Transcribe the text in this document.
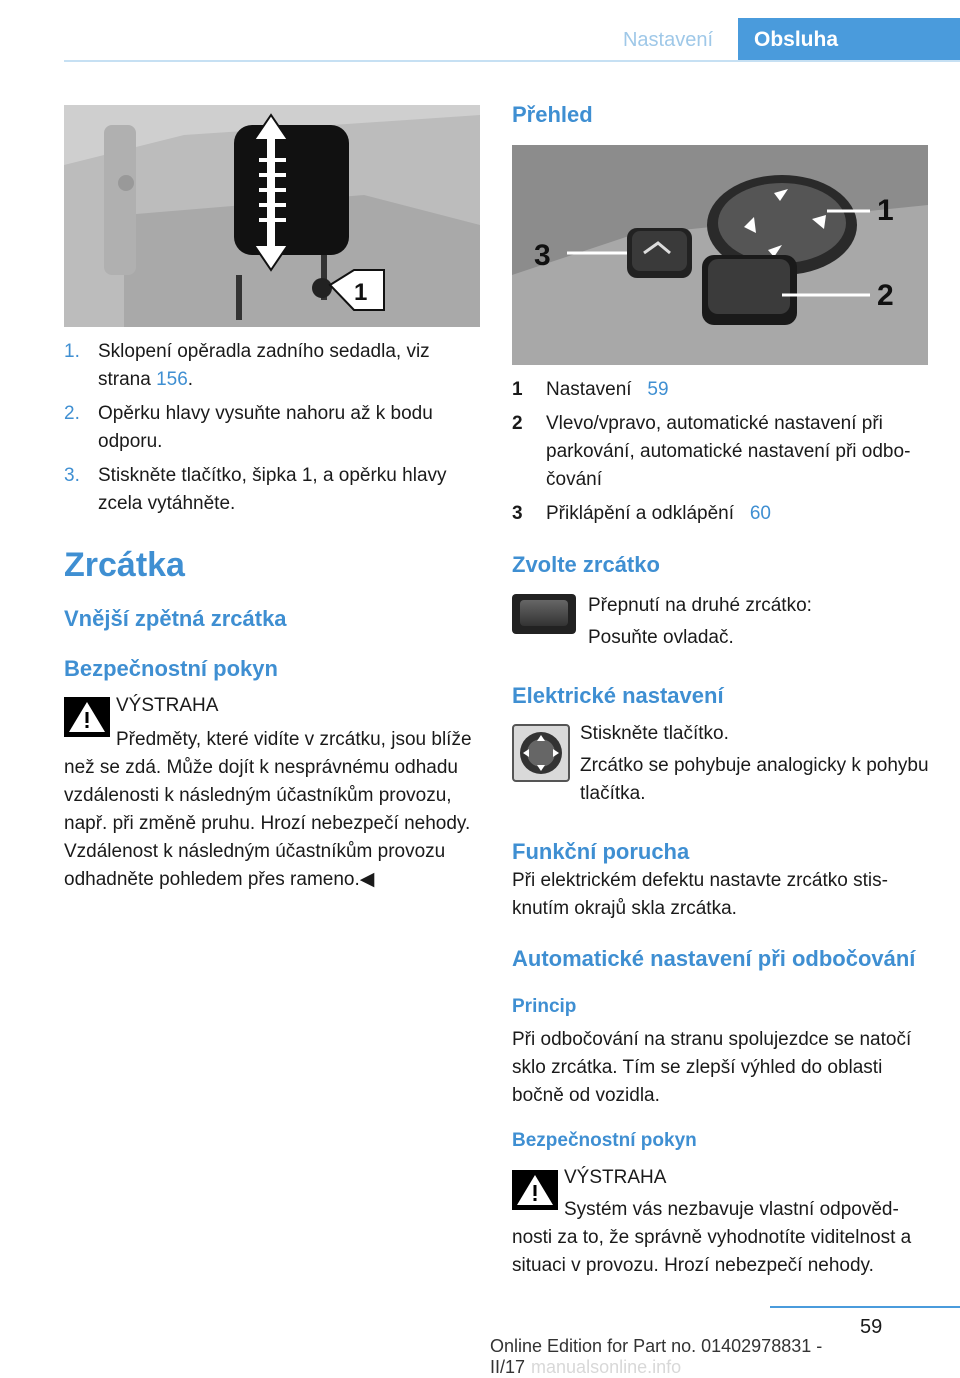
Nastavení	Obsluha
1
1. Sklopení opěradla zadního sedadla, viz strana 156.
2. Opěrku hlavy vysuňte nahoru až k bodu odporu.
3. Stiskněte tlačítko, šipka 1, a opěrku hlavy zcela vytáhněte.
Zrcátka
Vnější zpětná zrcátka
Bezpečnostní pokyn
VÝSTRAHA
Předměty, které vidíte v zrcátku, jsou blíže než se zdá. Může dojít k nesprávnému odhadu vzdálenosti k následným účastníkům provozu, např. při změně pruhu. Hrozí nebezpečí nehody. Vzdálenost k následným účastníkům provozu odhadněte pohledem přes rameno.◀
Přehled
3
1
2
1	Nastavení 59
2	Vlevo/vpravo, automatické nastavení při parkování, automatické nastavení při odbočování
3	Přiklápění a odklápění 60
Zvolte zrcátko
Přepnutí na druhé zrcátko:
Posuňte ovladač.
Elektrické nastavení
Stiskněte tlačítko.
Zrcátko se pohybuje analogicky k pohybu tlačítka.
Funkční porucha
Při elektrickém defektu nastavte zrcátko stisknutím okrajů skla zrcátka.
Automatické nastavení při odbočování
Princip
Při odbočování na stranu spolujezdce se natočí sklo zrcátka. Tím se zlepší výhled do oblasti bočně od vozidla.
Bezpečnostní pokyn
VÝSTRAHA
Systém vás nezbavuje vlastní odpovědnosti za to, že správně vyhodnotíte viditelnost a situaci v provozu. Hrozí nebezpečí nehody.
59
Online Edition for Part no. 01402978831 - II/17 manualsonline.info
